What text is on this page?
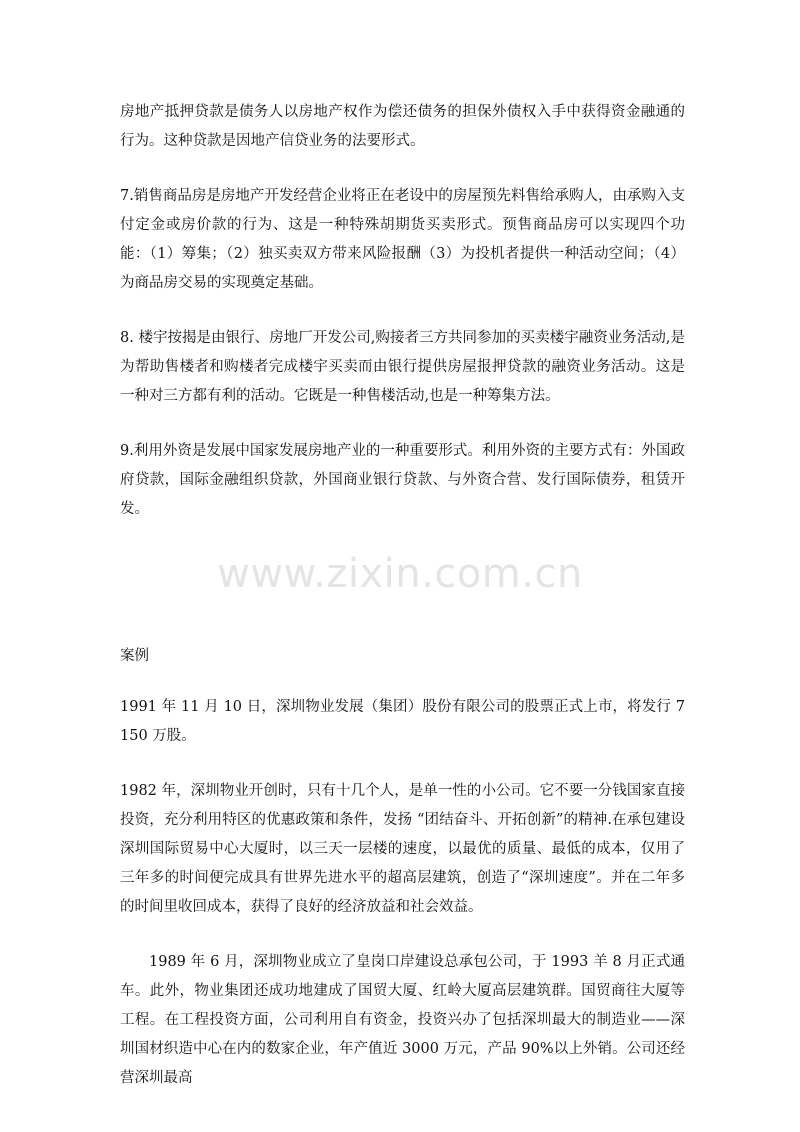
房地产抵押贷款是债务人以房地产权作为偿还债务的担保外债权入手中获得资金融通的行为。这种贷款是因地产信贷业务的法要形式。

7.销售商品房是房地产开发经营企业将正在老设中的房屋预先料售给承购人，由承购入支付定金或房价款的行为、这是一种特殊胡期货买卖形式。预售商品房可以实现四个功能：（1）筹集；（2）独买卖双方带来风险报酬（3）为投机者提供一种活动空间；（4）为商品房交易的实现奠定基础。

8. 楼宇按揭是由银行、房地厂开发公司,购接者三方共同参加的买卖楼宇融资业务活动,是为帮助售楼者和购楼者完成楼宇买卖而由银行提供房屋报押贷款的融资业务活动。这是一种对三方都有利的活动。它既是一种售楼活动,也是一种筹集方法。

9.利用外资是发展中国家发展房地产业的一种重要形式。利用外资的主要方式有：外国政府贷款，国际金融组织贷款，外国商业银行贷款、与外资合营、发行国际债券，租赁开发。

www.zixin.com.cn

案例

1991 年 11 月 10 日，深圳物业发展（集团）股份有限公司的股票正式上市，将发行 7150 万股。

1982 年，深圳物业开创时，只有十几个人，是单一性的小公司。它不要一分钱国家直接投资，充分利用特区的优惠政策和条件，发扬 “团结奋斗、开拓创新”的精神.在承包建设深圳国际贸易中心大厦时，以三天一层楼的速度，以最优的质量、最低的成本，仅用了三年多的时间便完成具有世界先进水平的超高层建筑，创造了“深圳速度”。并在二年多的时间里收回成本，获得了良好的经济放益和社会效益。

1989 年 6 月，深圳物业成立了皇岗口岸建设总承包公司，于 1993 羊 8 月正式通车。此外，物业集团还成功地建成了国贸大厦、红岭大厦高层建筑群。国贸商往大厦等工程。在工程投资方面，公司利用自有资金，投资兴办了包括深圳最大的制造业——深圳国材织造中心在内的数家企业，年产值近 3000 万元，产品 90%以上外销。公司还经营深圳最高
